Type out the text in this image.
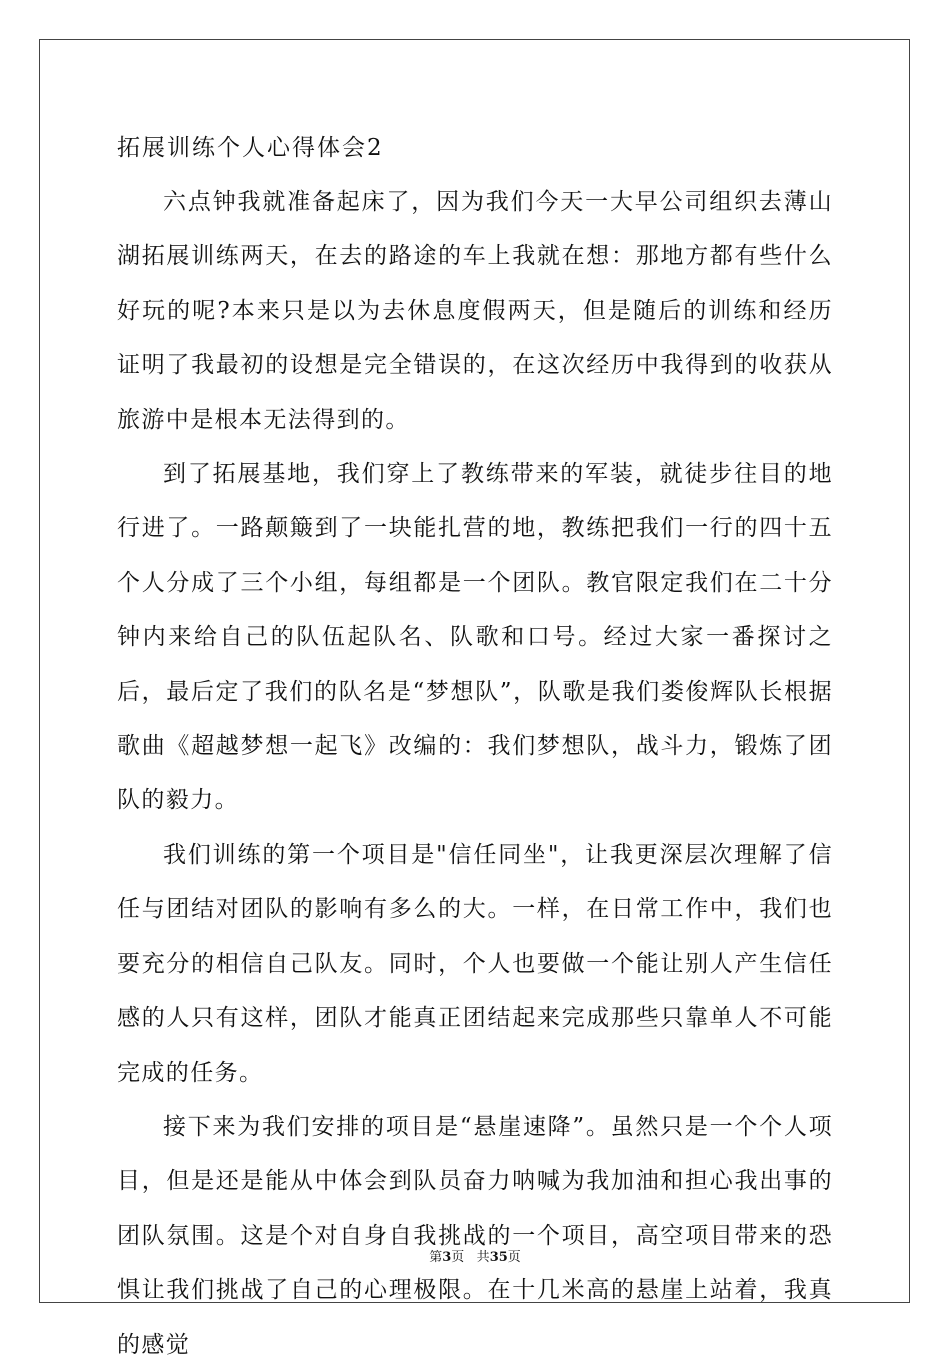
拓展训练个人心得体会2

六点钟我就准备起床了，因为我们今天一大早公司组织去薄山湖拓展训练两天，在去的路途的车上我就在想：那地方都有些什么好玩的呢?本来只是以为去休息度假两天，但是随后的训练和经历证明了我最初的设想是完全错误的，在这次经历中我得到的收获从旅游中是根本无法得到的。

到了拓展基地，我们穿上了教练带来的军装，就徒步往目的地行进了。一路颠簸到了一块能扎营的地，教练把我们一行的四十五个人分成了三个小组，每组都是一个团队。教官限定我们在二十分钟内来给自己的队伍起队名、队歌和口号。经过大家一番探讨之后，最后定了我们的队名是“梦想队”，队歌是我们娄俊辉队长根据歌曲《超越梦想一起飞》改编的：我们梦想队，战斗力，锻炼了团队的毅力。

我们训练的第一个项目是"信任同坐"，让我更深层次理解了信任与团结对团队的影响有多么的大。一样，在日常工作中，我们也要充分的相信自己队友。同时，个人也要做一个能让别人产生信任感的人只有这样，团队才能真正团结起来完成那些只靠单人不可能完成的任务。

接下来为我们安排的项目是“悬崖速降”。虽然只是一个个人项目，但是还是能从中体会到队员奋力呐喊为我加油和担心我出事的团队氛围。这是个对自身自我挑战的一个项目，高空项目带来的恐惧让我们挑战了自己的心理极限。在十几米高的悬崖上站着，我真的感觉

第3页 共35页
